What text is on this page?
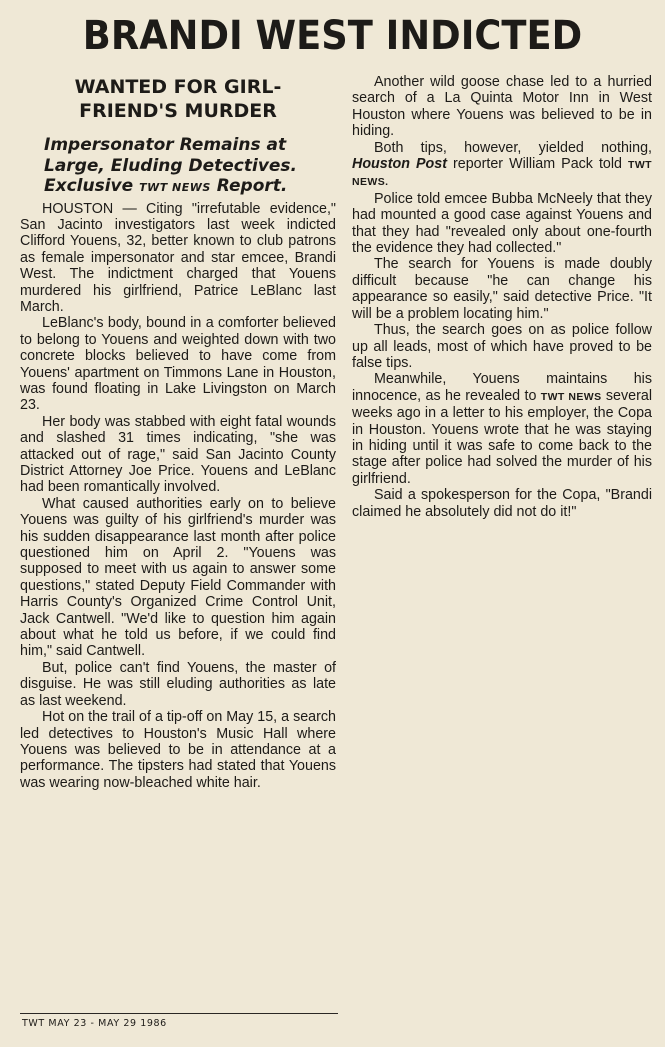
BRANDI WEST INDICTED
WANTED FOR GIRL-
FRIEND'S MURDER
Impersonator Remains at
Large, Eluding Detectives.
Exclusive TWT NEWS Report.

HOUSTON — Citing "irrefutable evidence," San Jacinto investigators last week indicted Clifford Youens, 32, better known to club patrons as female impersonator and star emcee, Brandi West. The indictment charged that Youens murdered his girlfriend, Patrice LeBlanc last March.

LeBlanc's body, bound in a comforter believed to belong to Youens and weighted down with two concrete blocks believed to have come from Youens' apartment on Timmons Lane in Houston, was found floating in Lake Livingston on March 23.

Her body was stabbed with eight fatal wounds and slashed 31 times indicating, "she was attacked out of rage," said San Jacinto County District Attorney Joe Price. Youens and LeBlanc had been romantically involved.

What caused authorities early on to believe Youens was guilty of his girlfriend's murder was his sudden disappearance last month after police questioned him on April 2. "Youens was supposed to meet with us again to answer some questions," stated Deputy Field Commander with Harris County's Organized Crime Control Unit, Jack Cantwell. "We'd like to question him again about what he told us before, if we could find him," said Cantwell.

But, police can't find Youens, the master of disguise. He was still eluding authorities as late as last weekend.

Hot on the trail of a tip-off on May 15, a search led detectives to Houston's Music Hall where Youens was believed to be in attendance at a performance. The tipsters had stated that Youens was wearing now-bleached white hair.

Another wild goose chase led to a hurried search of a La Quinta Motor Inn in West Houston where Youens was believed to be in hiding.

Both tips, however, yielded nothing, Houston Post reporter William Pack told TWT NEWS.

Police told emcee Bubba McNeely that they had mounted a good case against Youens and that they had "revealed only about one-fourth the evidence they had collected."

The search for Youens is made doubly difficult because "he can change his appearance so easily," said detective Price. "It will be a problem locating him."

Thus, the search goes on as police follow up all leads, most of which have proved to be false tips.

Meanwhile, Youens maintains his innocence, as he revealed to TWT NEWS several weeks ago in a letter to his employer, the Copa in Houston. Youens wrote that he was staying in hiding until it was safe to come back to the stage after police had solved the murder of his girlfriend.

Said a spokesperson for the Copa, "Brandi claimed he absolutely did not do it!"

TWT MAY 23 - MAY 29 1986
